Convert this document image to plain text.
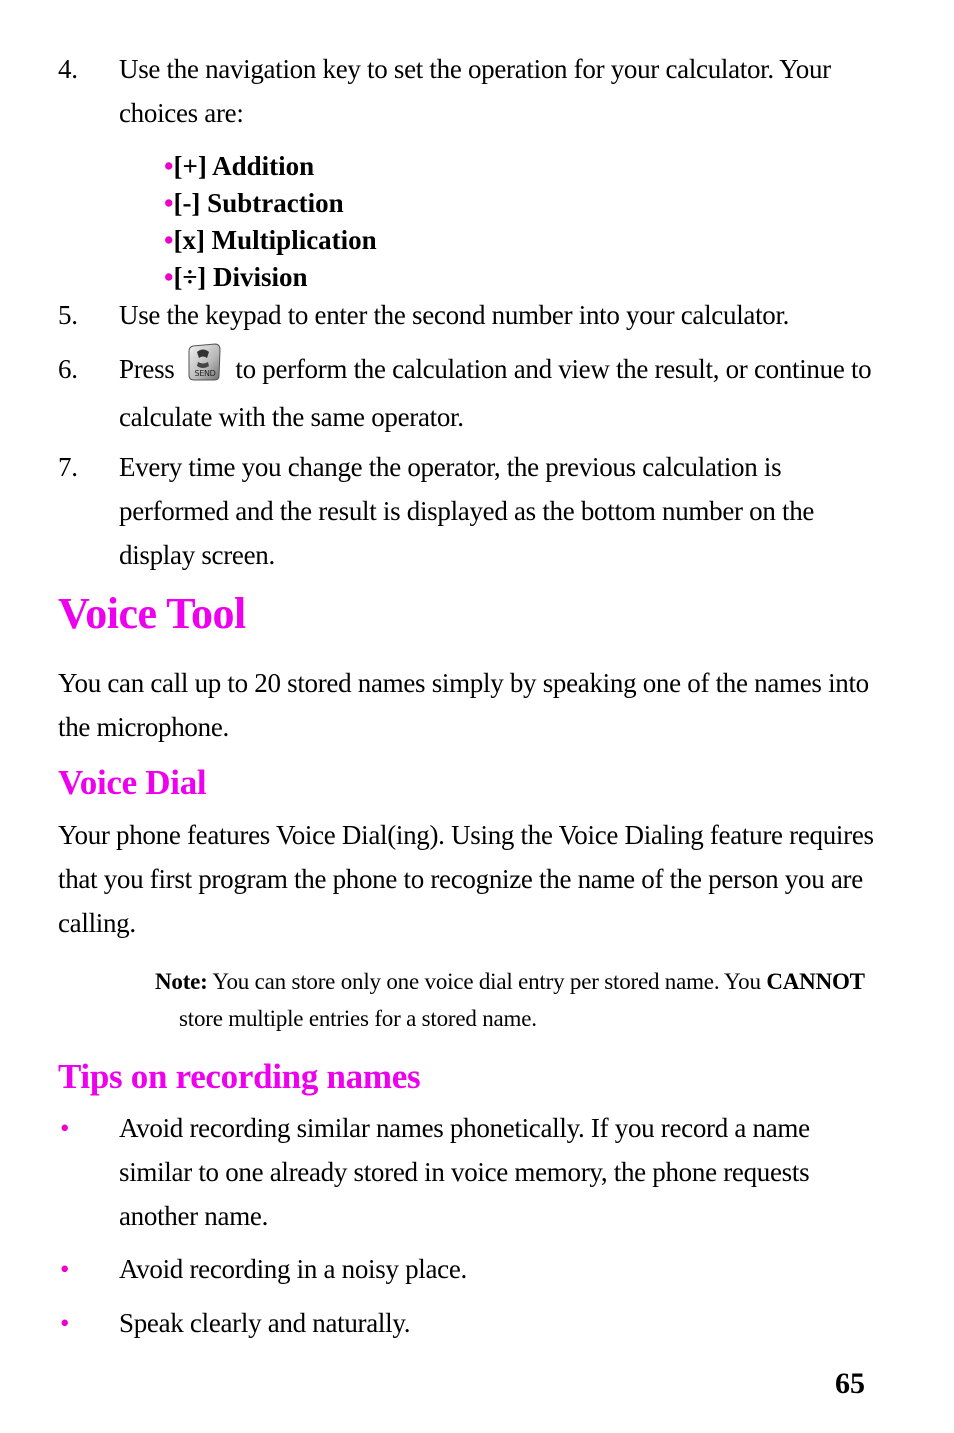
4.	Use the navigation key to set the operation for your calculator. Your choices are:
•[+] Addition
•[-] Subtraction
•[x] Multiplication
•[÷] Division
5.	Use the keypad to enter the second number into your calculator.
6.	Press SEND to perform the calculation and view the result, or continue to calculate with the same operator.
7.	Every time you change the operator, the previous calculation is performed and the result is displayed as the bottom number on the display screen.
Voice Tool
You can call up to 20 stored names simply by speaking one of the names into the microphone.
Voice Dial
Your phone features Voice Dial(ing). Using the Voice Dialing feature requires that you first program the phone to recognize the name of the person you are calling.
Note: You can store only one voice dial entry per stored name. You CANNOT
store multiple entries for a stored name.
Tips on recording names
• Avoid recording similar names phonetically. If you record a name similar to one already stored in voice memory, the phone requests another name.
• Avoid recording in a noisy place.
• Speak clearly and naturally.
65
